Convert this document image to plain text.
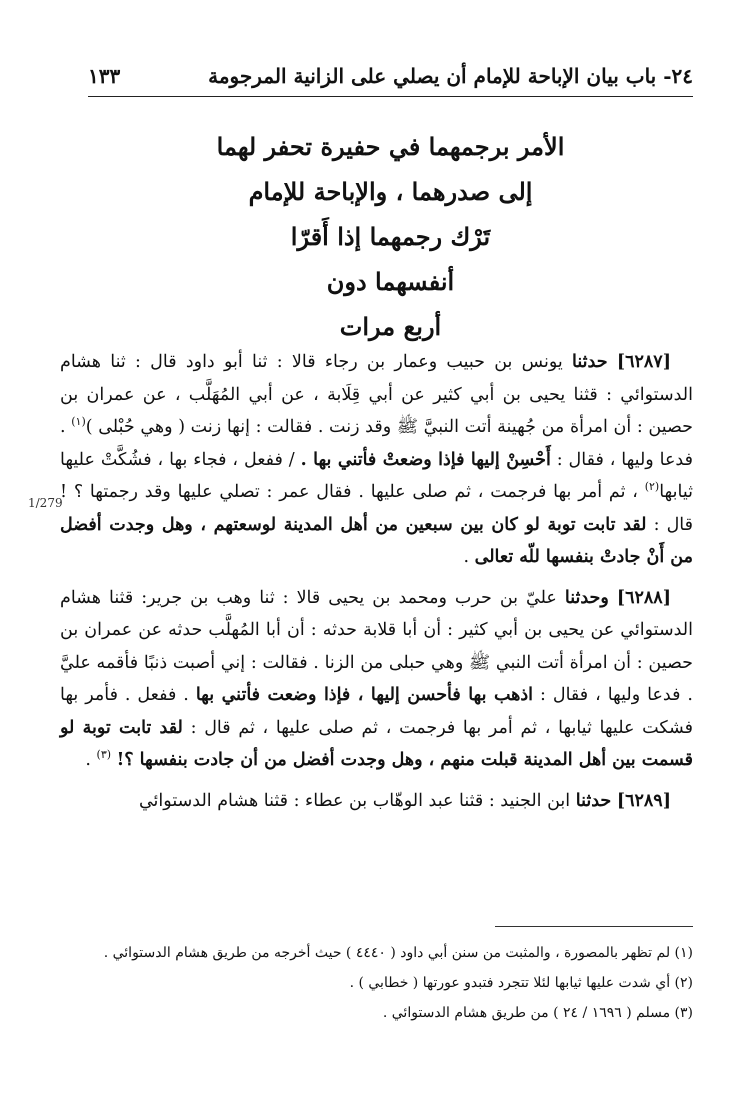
٢٤- باب بيان الإباحة للإمام أن يصلي على الزانية المرجومة
١٣٣
الأمر برجمهما في حفيرة تحفر لهما
إلى صدرهما ، والإباحة للإمام
تَرْك رجمهما إذا أَقرّا
أنفسهما دون
أربع مرات
1/279

[٦٢٨٧] حدثنا يونس بن حبيب وعمار بن رجاء قالا : ثنا أبو داود قال : ثنا هشام الدستوائي : قثنا يحيى بن أبي كثير عن أبي قِلَابة ، عن أبي المُهَلَّب ، عن عمران بن حصين : أن امرأة من جُهينة أتت النبيَّ ﷺ وقد زنت . فقالت : إنها زنت ( وهي حُبْلى )$^{(١)}$ . فدعا وليها ، فقال : أَحْسِنْ إليها فإذا وضعتْ فأتني بها . / ففعل ، فجاء بها ، فشُكَّتْ عليها ثيابها$^{(٢)}$ ، ثم أمر بها فرجمت ، ثم صلى عليها . فقال عمر : تصلي عليها وقد رجمتها ؟ ! قال : لقد تابت توبة لو كان بين سبعين من أهل المدينة لوسعتهم ، وهل وجدت أفضل من أَنْ جادتْ بنفسها للّه تعالى .

[٦٢٨٨] وحدثنا عليّ بن حرب ومحمد بن يحيى قالا : ثنا وهب بن جرير: قثنا هشام الدستوائي عن يحيى بن أبي كثير : أن أبا قلابة حدثه : أن أبا المُهلَّب حدثه عن عمران بن حصين : أن امرأة أتت النبي ﷺ وهي حبلى من الزنا . فقالت : إني أصبت ذنبًا فأقمه عليَّ . فدعا وليها ، فقال : اذهب بها فأحسن إليها ، فإذا وضعت فأتني بها . ففعل . فأمر بها فشكت عليها ثيابها ، ثم أمر بها فرجمت ، ثم صلى عليها ، ثم قال : لقد تابت توبة لو قسمت بين أهل المدينة قبلت منهم ، وهل وجدت أفضل من أن جادت بنفسها ؟! $^{(٣)}$ .

[٦٢٨٩] حدثنا ابن الجنيد : قثنا عبد الوهّاب بن عطاء : قثنا هشام الدستوائي

(١) لم تظهر بالمصورة ، والمثبت من سنن أبي داود ( ٤٤٤٠ ) حيث أخرجه من طريق هشام الدستوائي .
(٢) أي شدت عليها ثيابها لئلا تتجرد فتبدو عورتها ( خطابي ) .
(٣) مسلم ( ١٦٩٦ / ٢٤ ) من طريق هشام الدستوائي .
